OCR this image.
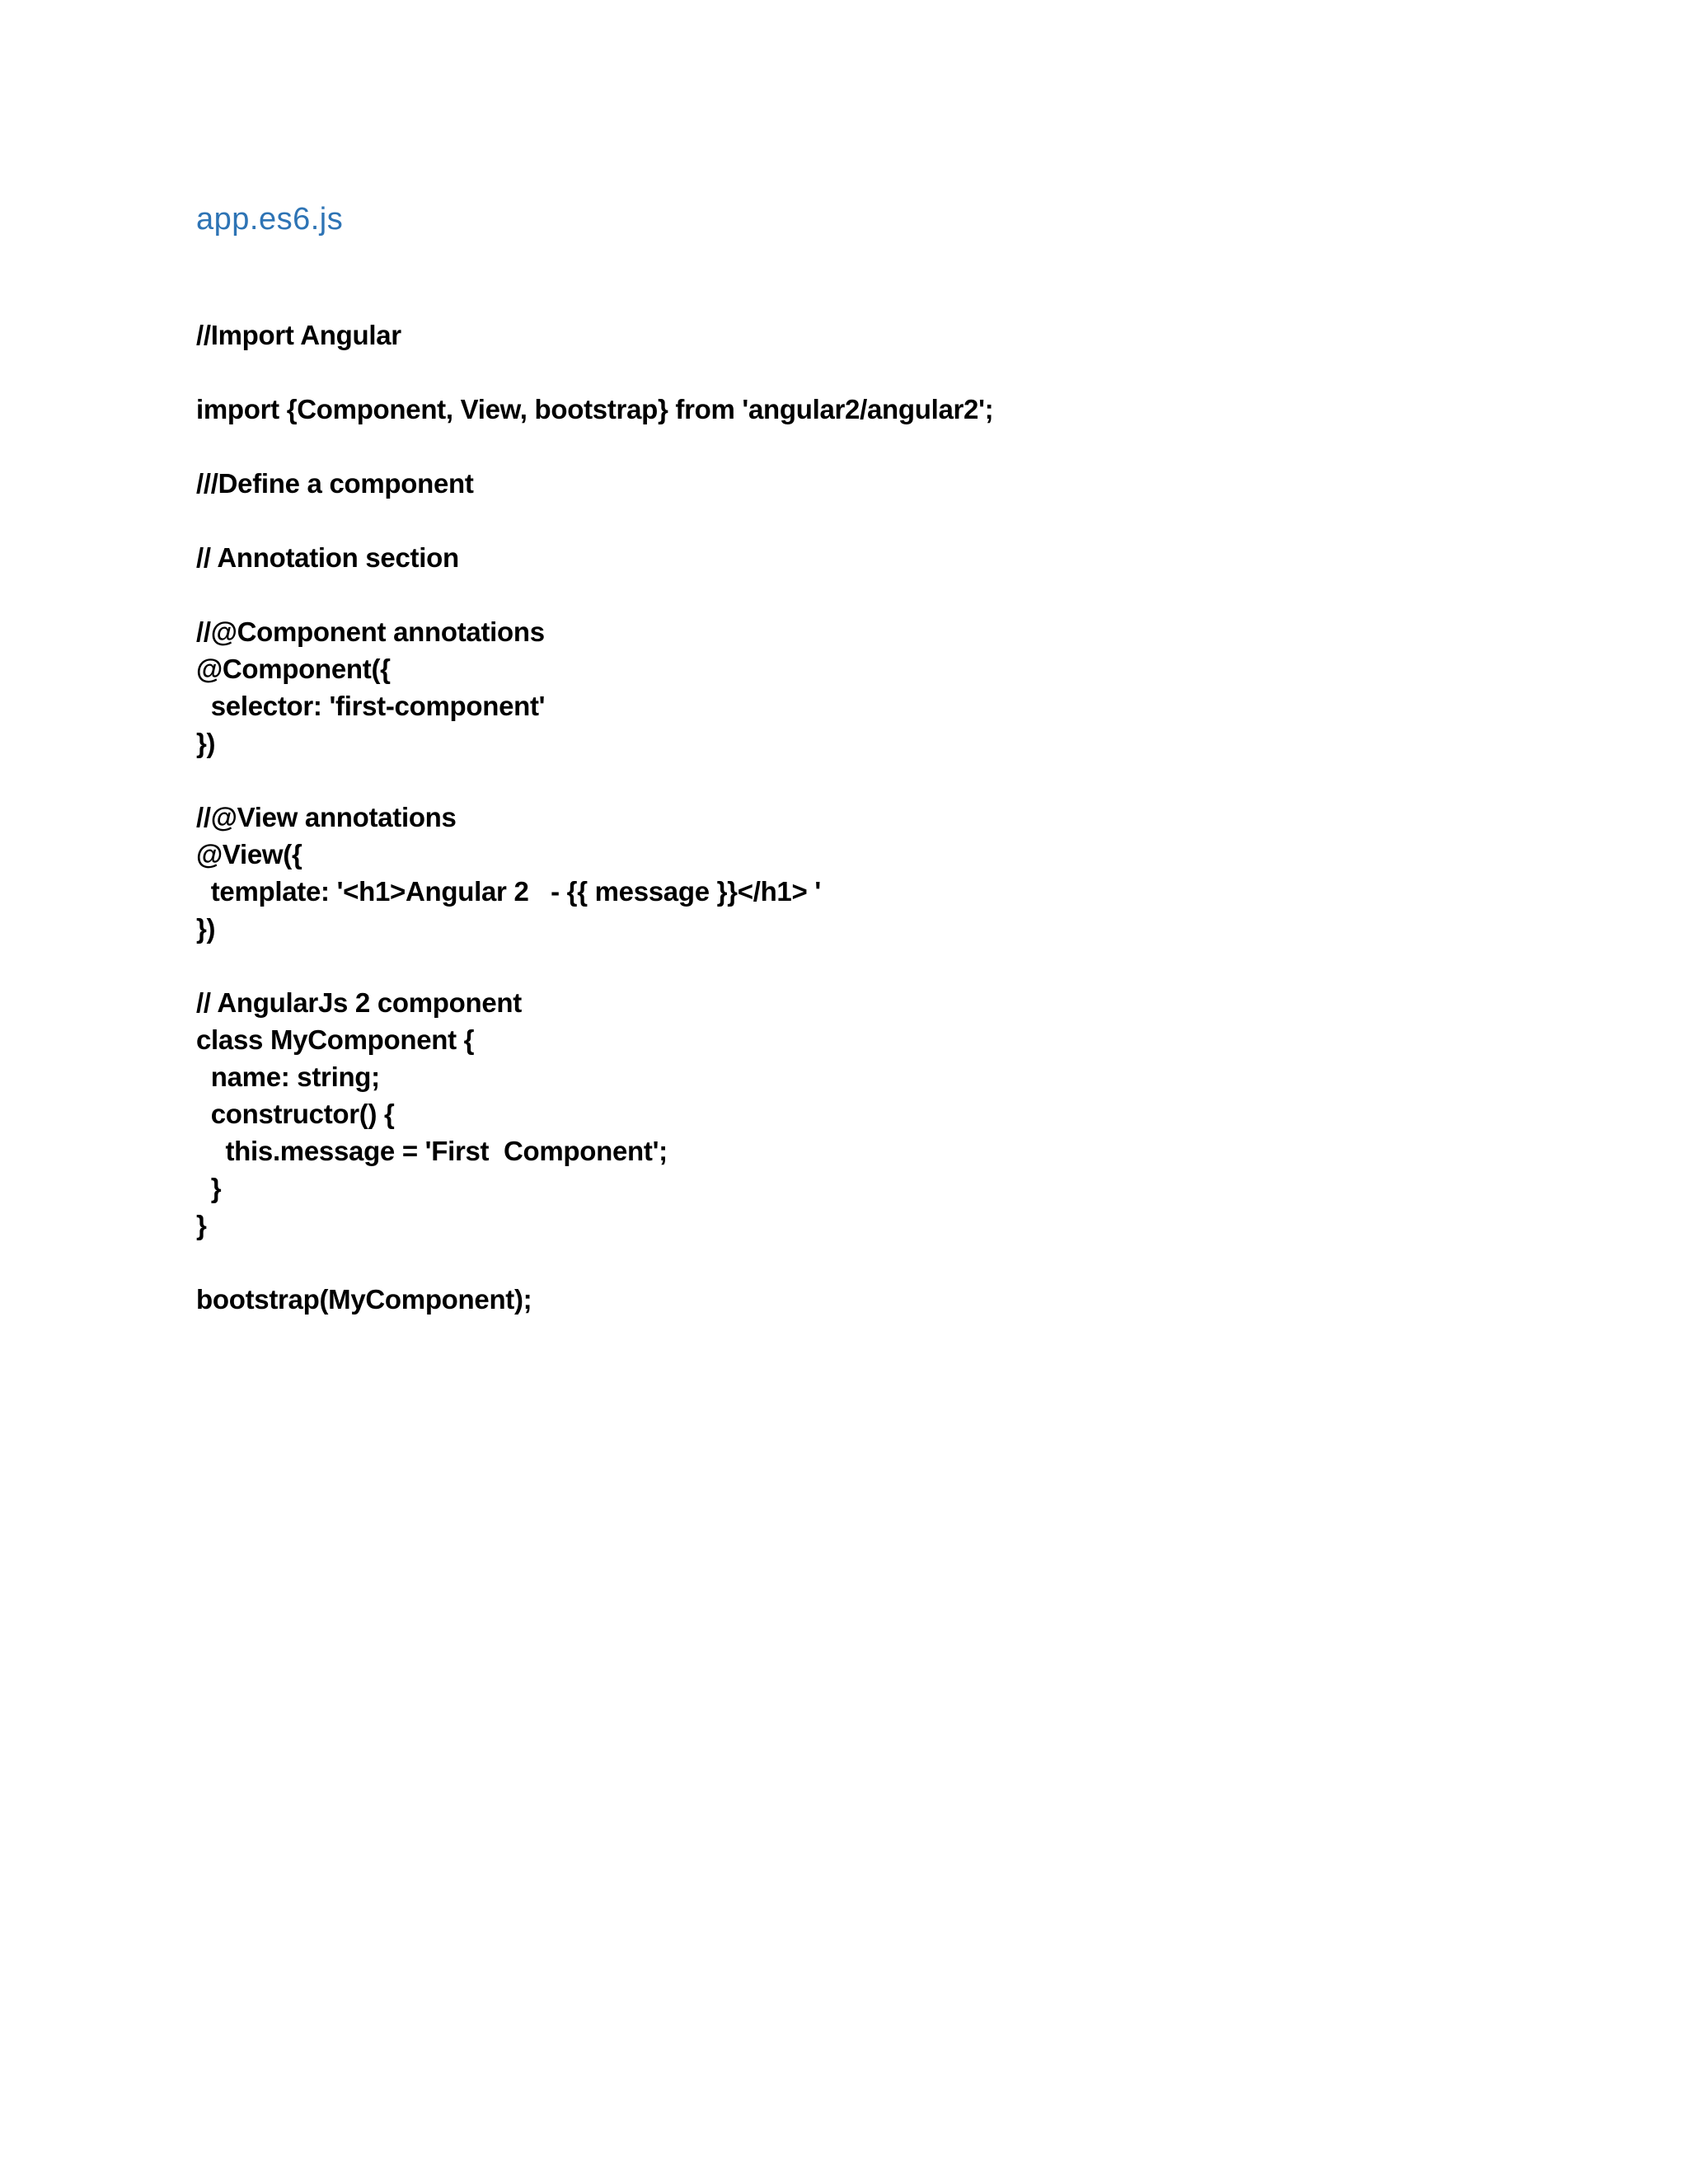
app.es6.js
//Import Angular
import {Component, View, bootstrap} from 'angular2/angular2';
///Define a component
// Annotation section
//@Component annotations
@Component({
selector: 'first-component'
})
//@View annotations
@View({
template: '<h1>Angular 2   - {{ message }}</h1> '
})
// AngularJs 2 component
class MyComponent {
name: string;
constructor() {
this.message = 'First  Component';
}
}
bootstrap(MyComponent);
